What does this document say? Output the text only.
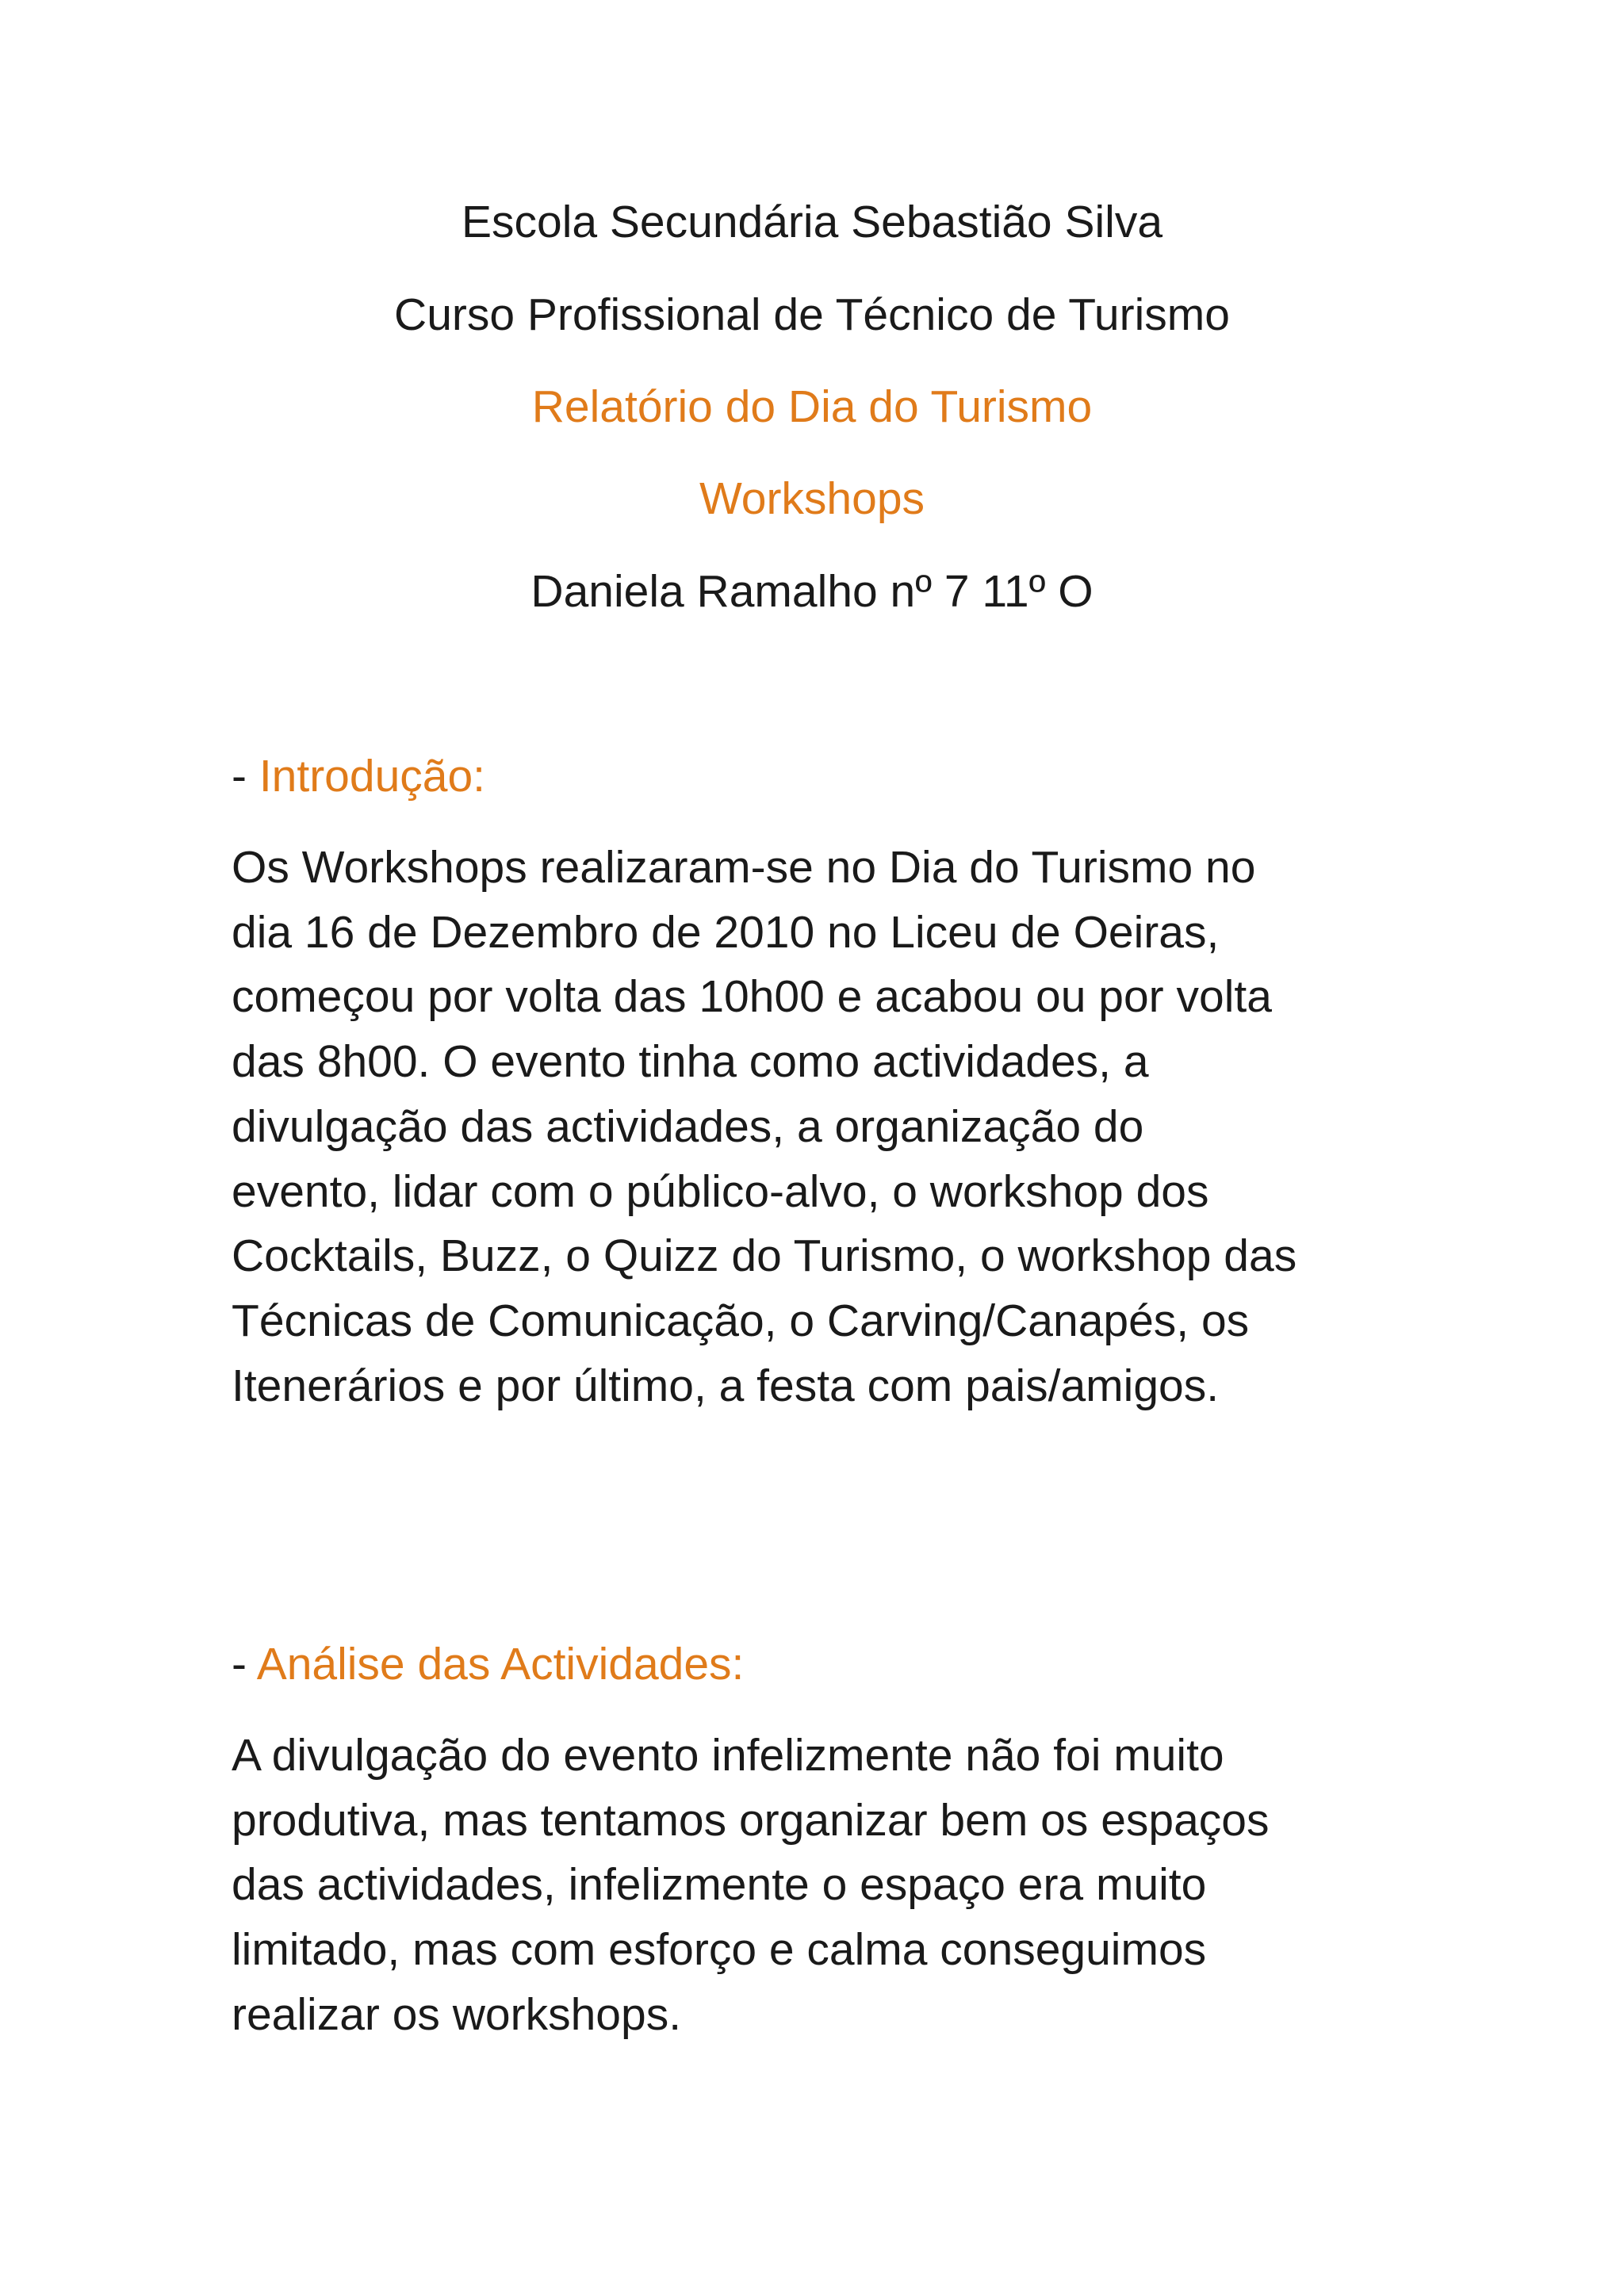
Escola Secundária Sebastião Silva
Curso Profissional de Técnico de Turismo
Relatório do Dia do Turismo
Workshops
Daniela Ramalho nº 7 11º O
- Introdução:
Os Workshops realizaram-se no Dia do Turismo no
dia 16 de Dezembro de 2010 no Liceu de Oeiras,
começou por volta das 10h00 e acabou ou por volta
das 8h00. O evento tinha como actividades, a
divulgação das actividades, a organização do
evento, lidar com o público-alvo, o workshop dos
Cocktails, Buzz, o Quizz do Turismo, o workshop das
Técnicas de Comunicação, o Carving/Canapés, os
Itenerários e por último, a festa com pais/amigos.
- Análise das Actividades:
A divulgação do evento infelizmente não foi muito
produtiva, mas tentamos organizar bem os espaços
das actividades, infelizmente o espaço era muito
limitado, mas com esforço e calma conseguimos
realizar os workshops.
